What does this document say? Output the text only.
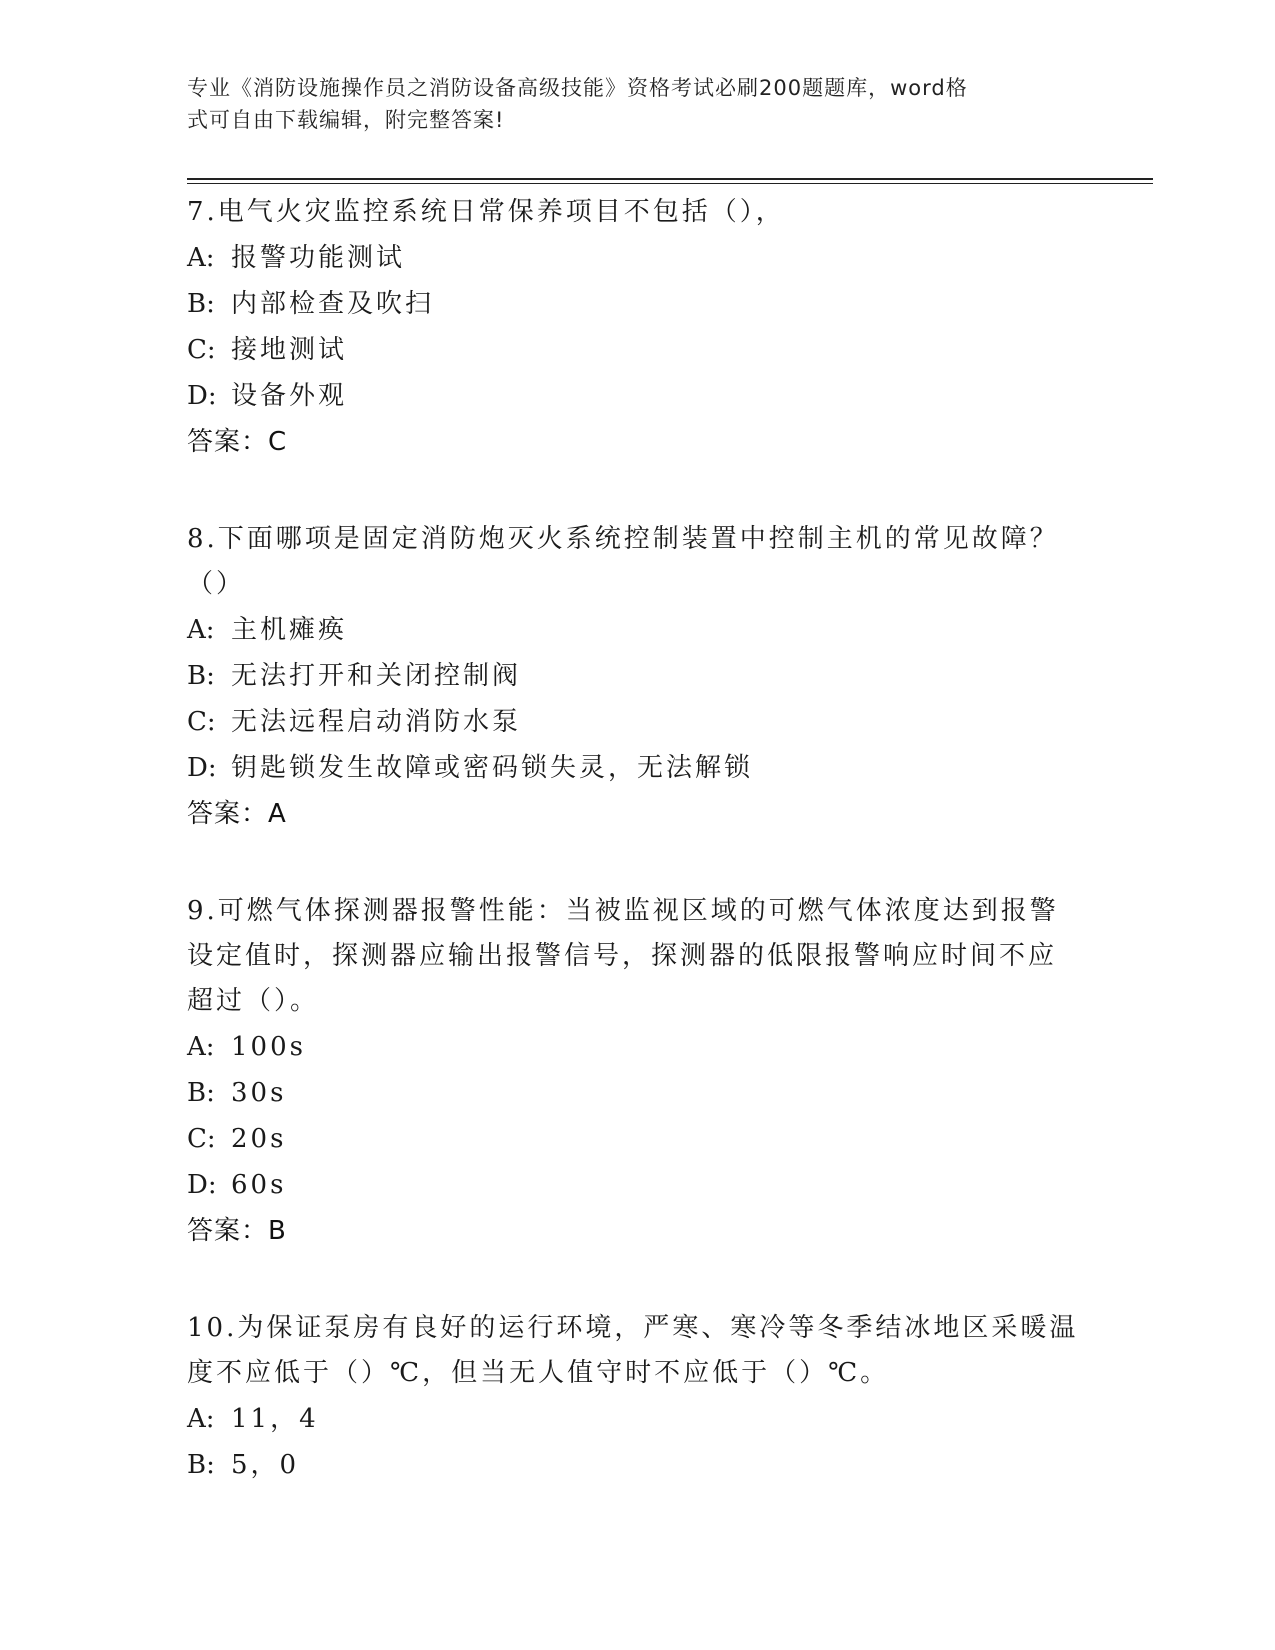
专业《消防设施操作员之消防设备高级技能》资格考试必刷200题题库，word格
式可自由下载编辑，附完整答案!
7.电气火灾监控系统日常保养项目不包括（），
A: 报警功能测试
B: 内部检查及吹扫
C: 接地测试
D: 设备外观
答案：C
8.下面哪项是固定消防炮灭火系统控制装置中控制主机的常见故障？
（）
A: 主机瘫痪
B: 无法打开和关闭控制阀
C: 无法远程启动消防水泵
D: 钥匙锁发生故障或密码锁失灵，无法解锁
答案：A
9.可燃气体探测器报警性能：当被监视区域的可燃气体浓度达到报警
设定值时，探测器应输出报警信号，探测器的低限报警响应时间不应
超过（）。
A: 100s
B: 30s
C: 20s
D: 60s
答案：B
10.为保证泵房有良好的运行环境，严寒、寒冷等冬季结冰地区采暖温
度不应低于（）℃，但当无人值守时不应低于（）℃。
A: 11，4
B: 5，0
